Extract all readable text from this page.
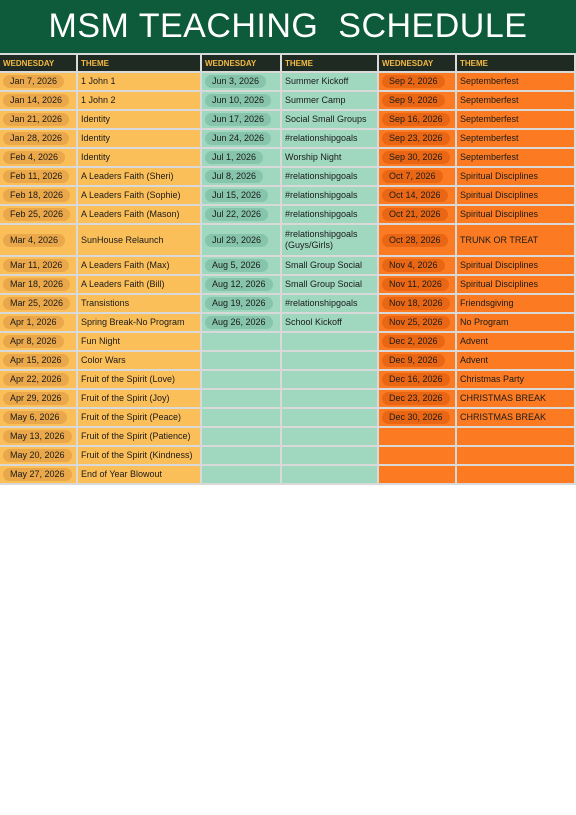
MSM TEACHING  SCHEDULE
WEDNESDAY	THEME	WEDNESDAY	THEME	WEDNESDAY	THEME
Jan 7, 2026	1 John 1	Jun 3, 2026	Summer Kickoff	Sep 2, 2026	Septemberfest
Jan 14, 2026	1 John 2	Jun 10, 2026	Summer Camp	Sep 9, 2026	Septemberfest
Jan 21, 2026	Identity	Jun 17, 2026	Social Small Groups	Sep 16, 2026	Septemberfest
Jan 28, 2026	Identity	Jun 24, 2026	#relationshipgoals	Sep 23, 2026	Septemberfest
Feb 4, 2026	Identity	Jul 1, 2026	Worship Night	Sep 30, 2026	Septemberfest
Feb 11, 2026	A Leaders Faith (Sheri)	Jul 8, 2026	#relationshipgoals	Oct 7, 2026	Spiritual Disciplines
Feb 18, 2026	A Leaders Faith (Sophie)	Jul 15, 2026	#relationshipgoals	Oct 14, 2026	Spiritual Disciplines
Feb 25, 2026	A Leaders Faith (Mason)	Jul 22, 2026	#relationshipgoals	Oct 21, 2026	Spiritual Disciplines
Mar 4, 2026	SunHouse Relaunch	Jul 29, 2026	#relationshipgoals (Guys/Girls)	Oct 28, 2026	TRUNK OR TREAT
Mar 11, 2026	A Leaders Faith (Max)	Aug 5, 2026	Small Group Social	Nov 4, 2026	Spiritual Disciplines
Mar 18, 2026	A Leaders Faith (Bill)	Aug 12, 2026	Small Group Social	Nov 11, 2026	Spiritual Disciplines
Mar 25, 2026	Transistions	Aug 19, 2026	#relationshipgoals	Nov 18, 2026	Friendsgiving
Apr 1, 2026	Spring Break-No Program	Aug 26, 2026	School Kickoff	Nov 25, 2026	No Program
Apr 8, 2026	Fun Night			Dec 2, 2026	Advent
Apr 15, 2026	Color Wars			Dec 9, 2026	Advent
Apr 22, 2026	Fruit of the Spirit (Love)			Dec 16, 2026	Christmas Party
Apr 29, 2026	Fruit of the Spirit (Joy)			Dec 23, 2026	CHRISTMAS BREAK
May 6, 2026	Fruit of the Spirit (Peace)			Dec 30, 2026	CHRISTMAS BREAK
May 13, 2026	Fruit of the Spirit (Patience)				
May 20, 2026	Fruit of the Spirit (Kindness)				
May 27, 2026	End of Year Blowout				
